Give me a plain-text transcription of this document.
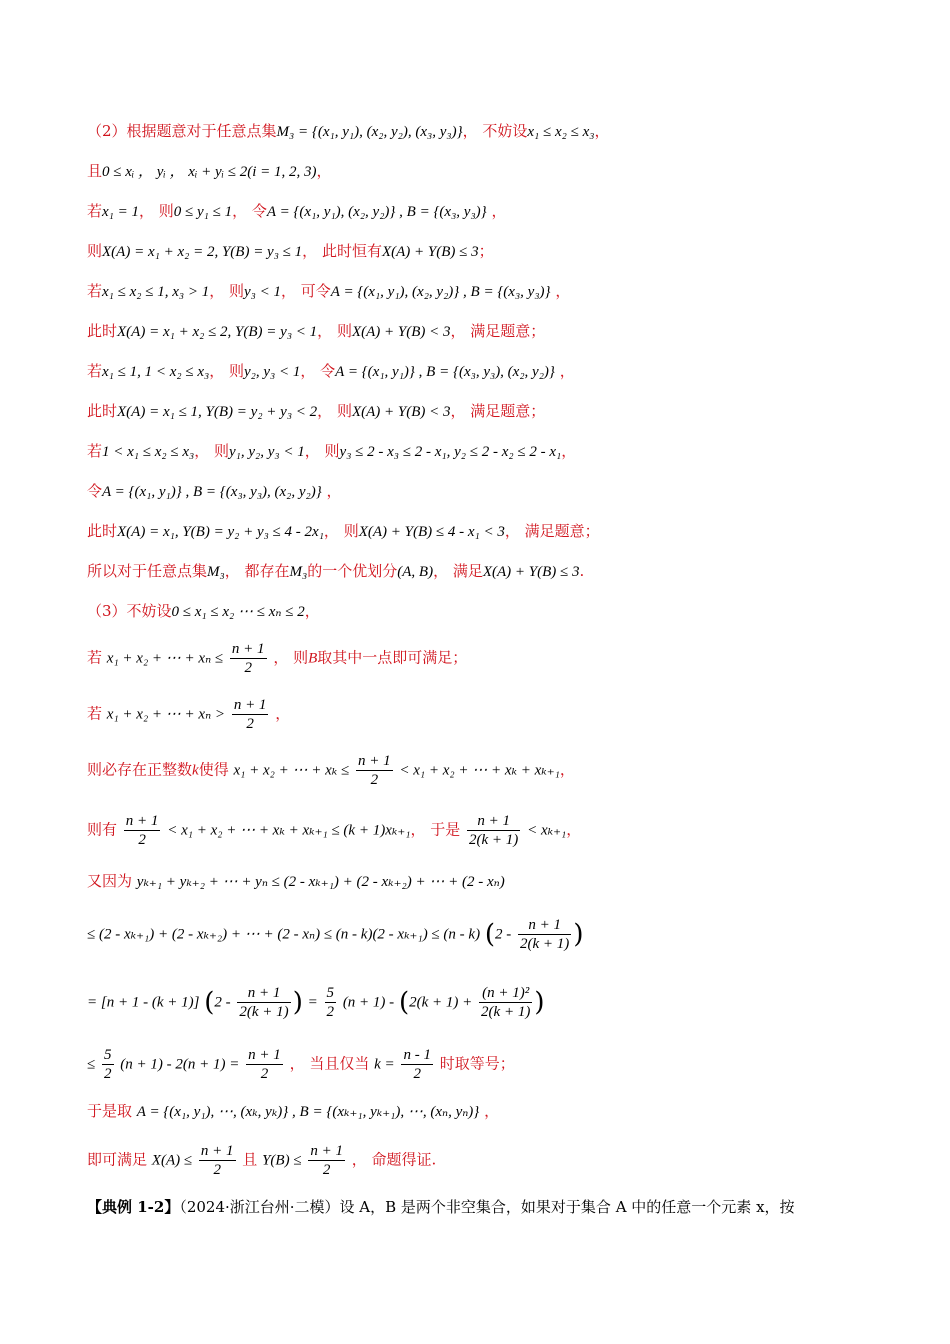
（2）根据题意对于任意点集M₃ = {(x₁, y₁), (x₂, y₂), (x₃, y₃)}， 不妨设x₁ ≤ x₂ ≤ x₃，
且0 ≤ xᵢ ， yᵢ ， xᵢ + yᵢ ≤ 2(i = 1, 2, 3)，
若x₁ = 1， 则0 ≤ y₁ ≤ 1， 令A = {(x₁, y₁), (x₂, y₂)} , B = {(x₃, y₃)} ，
则X(A) = x₁ + x₂ = 2, Y(B) = y₃ ≤ 1， 此时恒有X(A) + Y(B) ≤ 3；
若x₁ ≤ x₂ ≤ 1, x₃ > 1， 则y₃ < 1， 可令A = {(x₁, y₁), (x₂, y₂)} , B = {(x₃, y₃)} ，
此时X(A) = x₁ + x₂ ≤ 2, Y(B) = y₃ < 1， 则X(A) + Y(B) < 3， 满足题意；
若x₁ ≤ 1, 1 < x₂ ≤ x₃， 则y₂, y₃ < 1， 令A = {(x₁, y₁)} , B = {(x₃, y₃), (x₂, y₂)} ，
此时X(A) = x₁ ≤ 1, Y(B) = y₂ + y₃ < 2， 则X(A) + Y(B) < 3， 满足题意；
若1 < x₁ ≤ x₂ ≤ x₃， 则y₁, y₂, y₃ < 1， 则y₃ ≤ 2 - x₃ ≤ 2 - x₁, y₂ ≤ 2 - x₂ ≤ 2 - x₁，
令A = {(x₁, y₁)} , B = {(x₃, y₃), (x₂, y₂)} ，
此时X(A) = x₁, Y(B) = y₂ + y₃ ≤ 4 - 2x₁， 则X(A) + Y(B) ≤ 4 - x₁ < 3， 满足题意；
所以对于任意点集M₃， 都存在M₃的一个优划分(A, B)， 满足X(A) + Y(B) ≤ 3.
（3）不妨设0 ≤ x₁ ≤ x₂ ⋯ ≤ xₙ ≤ 2，
若 x₁ + x₂ + ⋯ + $x_n \le \frac{n + 1}{2}$ ， 则B取其中一点即可满足；
若 x₁ + x₂ + ⋯ + $x_n > \frac{n + 1}{2}$ ，
则必存在正整数k使得 x₁ + x₂ + ⋯ + $x_k \le \frac{n + 1}{2} < x_1 + x_2$ + ⋯ + xₖ + xₖ₊₁，
则有 $\frac{n + 1}{2} < x_1 + x_2$ + ⋯ + xₖ + xₖ₊₁ ≤ (k + 1)xₖ₊₁， 于是 $\frac{n + 1}{2(k + 1)} < x_{k+1}$，
又因为 yₖ₊₁ + yₖ₊₂ + ⋯ + yₙ ≤ (2 - xₖ₊₁) + (2 - xₖ₊₂) + ⋯ + (2 - xₙ)
≤ (2 - xₖ₊₁) + (2 - xₖ₊₂) + ⋯ + (2 - xₙ) ≤ (n - k)(2 - xₖ₊₁) ≤ (n - k) ($2 - \frac{n + 1}{2(k + 1)}$ )
= [n + 1 - (k + 1)] ($2 - \frac{n + 1}{2(k + 1)}$ ) = $\frac{5}{2} (n + 1) - (2(k + 1) + \frac{\text{(n + 1)²}}{2(k + 1)}$ )
≤ $\frac{5}{2} (n + 1) - 2(n + 1) = \frac{n + 1}{2}$ ， 当且仅当 $k = \frac{n - 1}{2}$ 时取等号；
于是取 A = {(x₁, y₁), ⋯, (xₖ, yₖ)} , B = {(xₖ₊₁, yₖ₊₁), ⋯, (xₙ, yₙ)} ，
即可满足 $X(A) \le \frac{n + 1}{2}$ 且 $Y(B) \le \frac{n + 1}{2}$ ， 命题得证.
【典例 1-2】（2024·浙江台州·二模）设 A，B 是两个非空集合，如果对于集合 A 中的任意一个元素 x，按
